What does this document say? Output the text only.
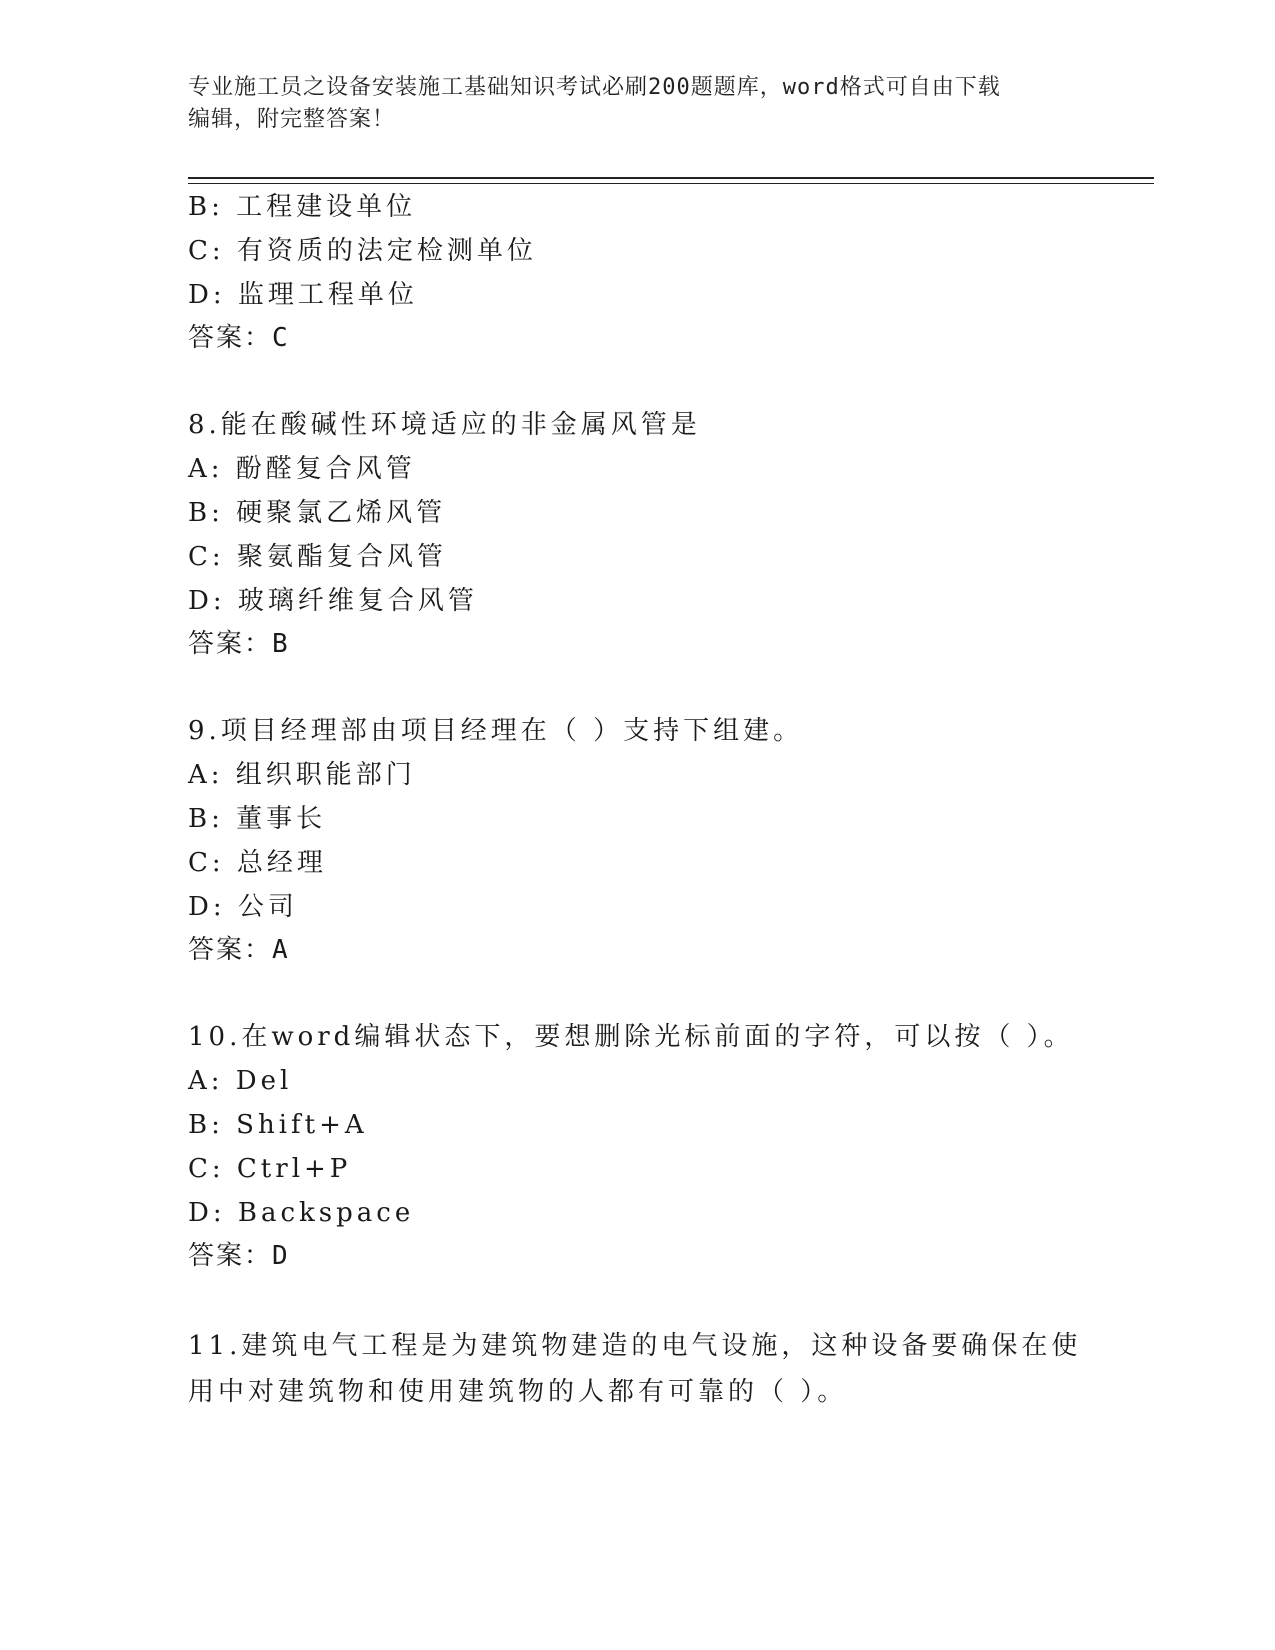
专业施工员之设备安装施工基础知识考试必刷200题题库，word格式可自由下载
编辑，附完整答案！
B: 工程建设单位
C: 有资质的法定检测单位
D: 监理工程单位
答案：C
8.能在酸碱性环境适应的非金属风管是
A: 酚醛复合风管
B: 硬聚氯乙烯风管
C: 聚氨酯复合风管
D: 玻璃纤维复合风管
答案：B
9.项目经理部由项目经理在（ ）支持下组建。
A: 组织职能部门
B: 董事长
C: 总经理
D: 公司
答案：A
10.在word编辑状态下，要想删除光标前面的字符，可以按（ ）。
A: Del
B: Shift+A
C: Ctrl+P
D: Backspace
答案：D
11.建筑电气工程是为建筑物建造的电气设施，这种设备要确保在使用中对建筑物和使用建筑物的人都有可靠的（ ）。
